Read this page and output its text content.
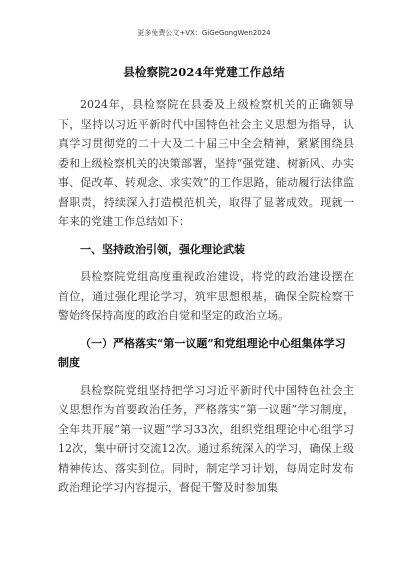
更多免费公文+VX：GiGeGongWen2024
县检察院2024年党建工作总结

2024年，县检察院在县委及上级检察机关的正确领导下，坚持以习近平新时代中国特色社会主义思想为指导，认真学习贯彻党的二十大及二十届三中全会精神，紧紧围绕县委和上级检察机关的决策部署，坚持“强党建、树新风、办实事、促改革、转观念、求实效”的工作思路，能动履行法律监督职责，持续深入打造模范机关，取得了显著成效。现就一年来的党建工作总结如下：

一、坚持政治引领，强化理论武装

县检察院党组高度重视政治建设，将党的政治建设摆在首位，通过强化理论学习，筑牢思想根基，确保全院检察干警始终保持高度的政治自觉和坚定的政治立场。

（一）严格落实“第一议题”和党组理论中心组集体学习制度

县检察院党组坚持把学习习近平新时代中国特色社会主义思想作为首要政治任务，严格落实“第一议题”学习制度，全年共开展“第一议题”学习33次，组织党组理论中心组学习12次，集中研讨交流12次。通过系统深入的学习，确保上级精神传达、落实到位。同时，制定学习计划，每周定时发布政治理论学习内容提示，督促干警及时参加集
